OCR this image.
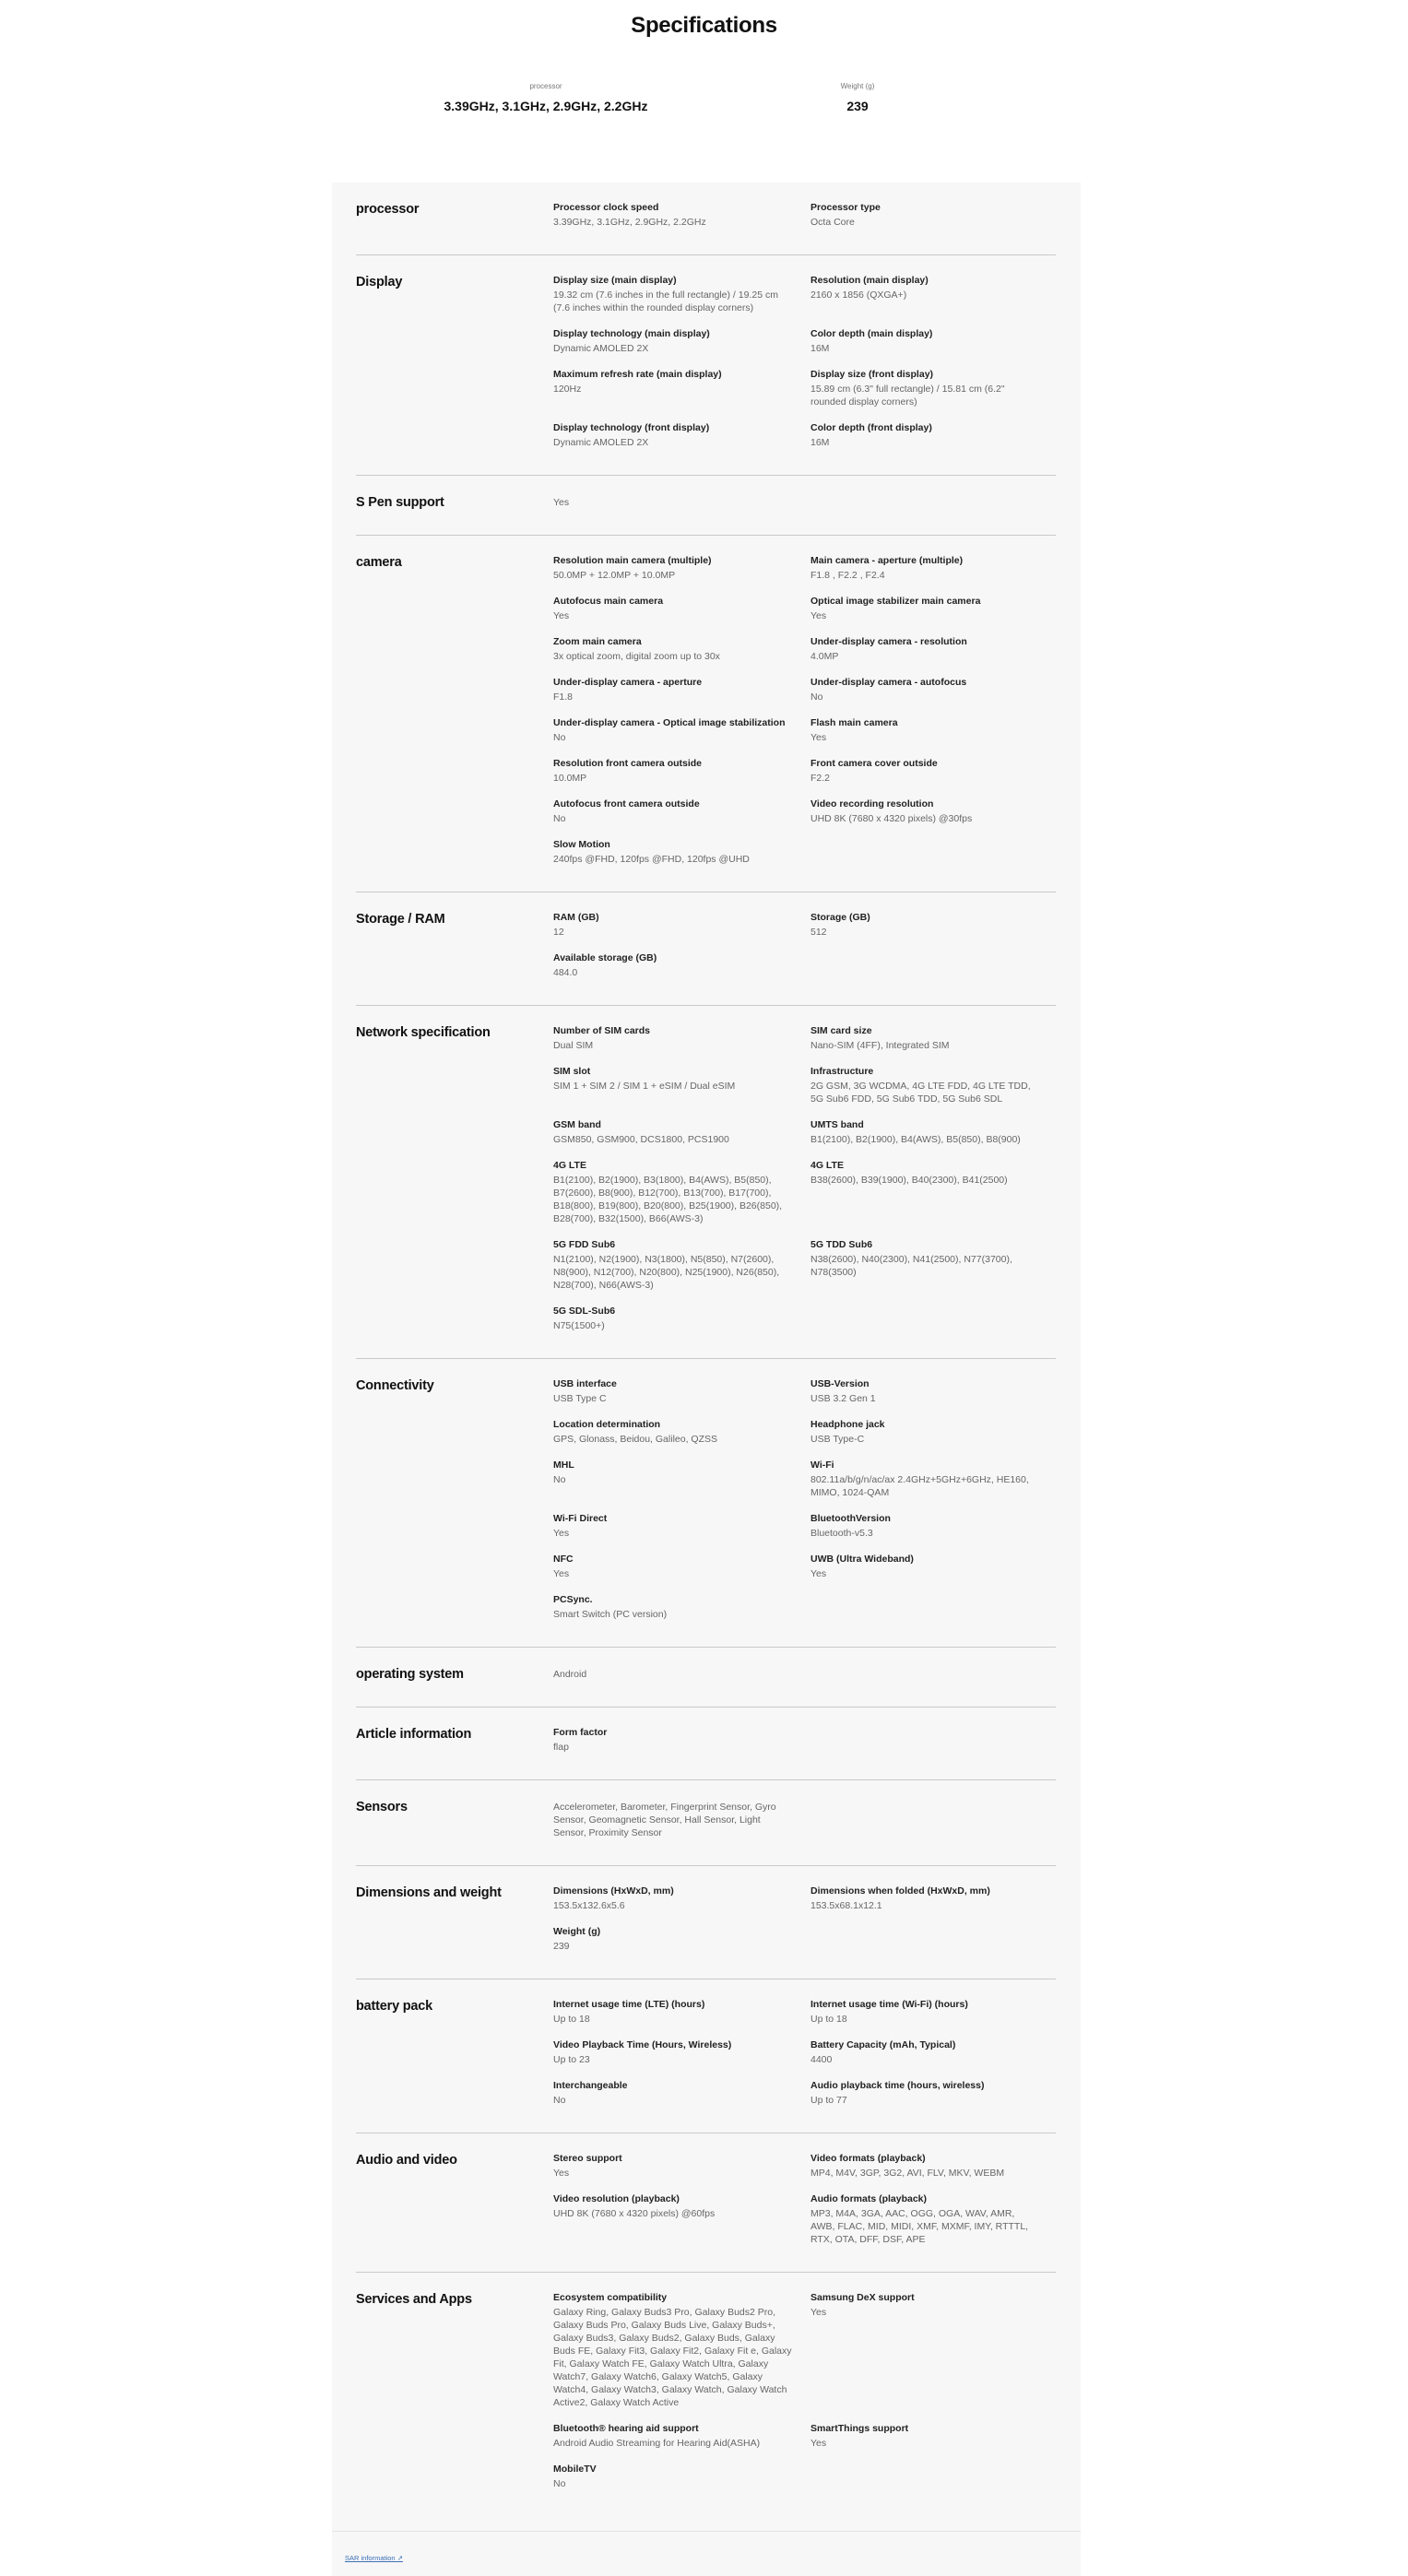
Specifications
processor
3.39GHz, 3.1GHz, 2.9GHz, 2.2GHz
Weight (g)
239
processor	Processor clock speed
3.39GHz, 3.1GHz, 2.9GHz, 2.2GHz
Processor type
Octa Core
Display	Display size (main display)
19.32 cm (7.6 inches in the full rectangle) / 19.25 cm (7.6 inches within the rounded display corners)
Resolution (main display)
2160 x 1856 (QXGA+)
Display technology (main display)
Dynamic AMOLED 2X
Color depth (main display)
16M
Maximum refresh rate (main display)
120Hz
Display size (front display)
15.89 cm (6.3" full rectangle) / 15.81 cm (6.2" rounded display corners)
Display technology (front display)
Dynamic AMOLED 2X
Color depth (front display)
16M
S Pen support	Yes
camera	Resolution main camera (multiple)
50.0MP + 12.0MP + 10.0MP
Main camera - aperture (multiple)
F1.8 , F2.2 , F2.4
Autofocus main camera
Yes
Optical image stabilizer main camera
Yes
Zoom main camera
3x optical zoom, digital zoom up to 30x
Under-display camera - resolution
4.0MP
Under-display camera - aperture
F1.8
Under-display camera - autofocus
No
Under-display camera - Optical image stabilization
No
Flash main camera
Yes
Resolution front camera outside
10.0MP
Front camera cover outside
F2.2
Autofocus front camera outside
No
Video recording resolution
UHD 8K (7680 x 4320 pixels) @30fps
Slow Motion
240fps @FHD, 120fps @FHD, 120fps @UHD
Storage / RAM	RAM (GB)
12
Storage (GB)
512
Available storage (GB)
484.0
Network specification	Number of SIM cards
Dual SIM
SIM card size
Nano-SIM (4FF), Integrated SIM
SIM slot
SIM 1 + SIM 2 / SIM 1 + eSIM / Dual eSIM
Infrastructure
2G GSM, 3G WCDMA, 4G LTE FDD, 4G LTE TDD, 5G Sub6 FDD, 5G Sub6 TDD, 5G Sub6 SDL
GSM band
GSM850, GSM900, DCS1800, PCS1900
UMTS band
B1(2100), B2(1900), B4(AWS), B5(850), B8(900)
4G LTE
B1(2100), B2(1900), B3(1800), B4(AWS), B5(850), B7(2600), B8(900), B12(700), B13(700), B17(700), B18(800), B19(800), B20(800), B25(1900), B26(850), B28(700), B32(1500), B66(AWS-3)
4G LTE
B38(2600), B39(1900), B40(2300), B41(2500)
5G FDD Sub6
N1(2100), N2(1900), N3(1800), N5(850), N7(2600), N8(900), N12(700), N20(800), N25(1900), N26(850), N28(700), N66(AWS-3)
5G TDD Sub6
N38(2600), N40(2300), N41(2500), N77(3700), N78(3500)
5G SDL-Sub6
N75(1500+)
Connectivity	USB interface
USB Type C
USB-Version
USB 3.2 Gen 1
Location determination
GPS, Glonass, Beidou, Galileo, QZSS
Headphone jack
USB Type-C
MHL
No
Wi-Fi
802.11a/b/g/n/ac/ax 2.4GHz+5GHz+6GHz, HE160, MIMO, 1024-QAM
Wi-Fi Direct
Yes
BluetoothVersion
Bluetooth-v5.3
NFC
Yes
UWB (Ultra Wideband)
Yes
PCSync.
Smart Switch (PC version)
operating system	Android
Article information	Form factor
flap
Sensors	Accelerometer, Barometer, Fingerprint Sensor, Gyro Sensor, Geomagnetic Sensor, Hall Sensor, Light Sensor, Proximity Sensor
Dimensions and weight	Dimensions (HxWxD, mm)
153.5x132.6x5.6
Dimensions when folded (HxWxD, mm)
153.5x68.1x12.1
Weight (g)
239
battery pack	Internet usage time (LTE) (hours)
Up to 18
Internet usage time (Wi-Fi) (hours)
Up to 18
Video Playback Time (Hours, Wireless)
Up to 23
Battery Capacity (mAh, Typical)
4400
Interchangeable
No
Audio playback time (hours, wireless)
Up to 77
Audio and video	Stereo support
Yes
Video formats (playback)
MP4, M4V, 3GP, 3G2, AVI, FLV, MKV, WEBM
Video resolution (playback)
UHD 8K (7680 x 4320 pixels) @60fps
Audio formats (playback)
MP3, M4A, 3GA, AAC, OGG, OGA, WAV, AMR, AWB, FLAC, MID, MIDI, XMF, MXMF, IMY, RTTTL, RTX, OTA, DFF, DSF, APE
Services and Apps	Ecosystem compatibility
Galaxy Ring, Galaxy Buds3 Pro, Galaxy Buds2 Pro, Galaxy Buds Pro, Galaxy Buds Live, Galaxy Buds+, Galaxy Buds3, Galaxy Buds2, Galaxy Buds, Galaxy Buds FE, Galaxy Fit3, Galaxy Fit2, Galaxy Fit e, Galaxy Fit, Galaxy Watch FE, Galaxy Watch Ultra, Galaxy Watch7, Galaxy Watch6, Galaxy Watch5, Galaxy Watch4, Galaxy Watch3, Galaxy Watch, Galaxy Watch Active2, Galaxy Watch Active
Samsung DeX support
Yes
Bluetooth® hearing aid support
Android Audio Streaming for Hearing Aid(ASHA)
SmartThings support
Yes
MobileTV
No
SAR information ↗
